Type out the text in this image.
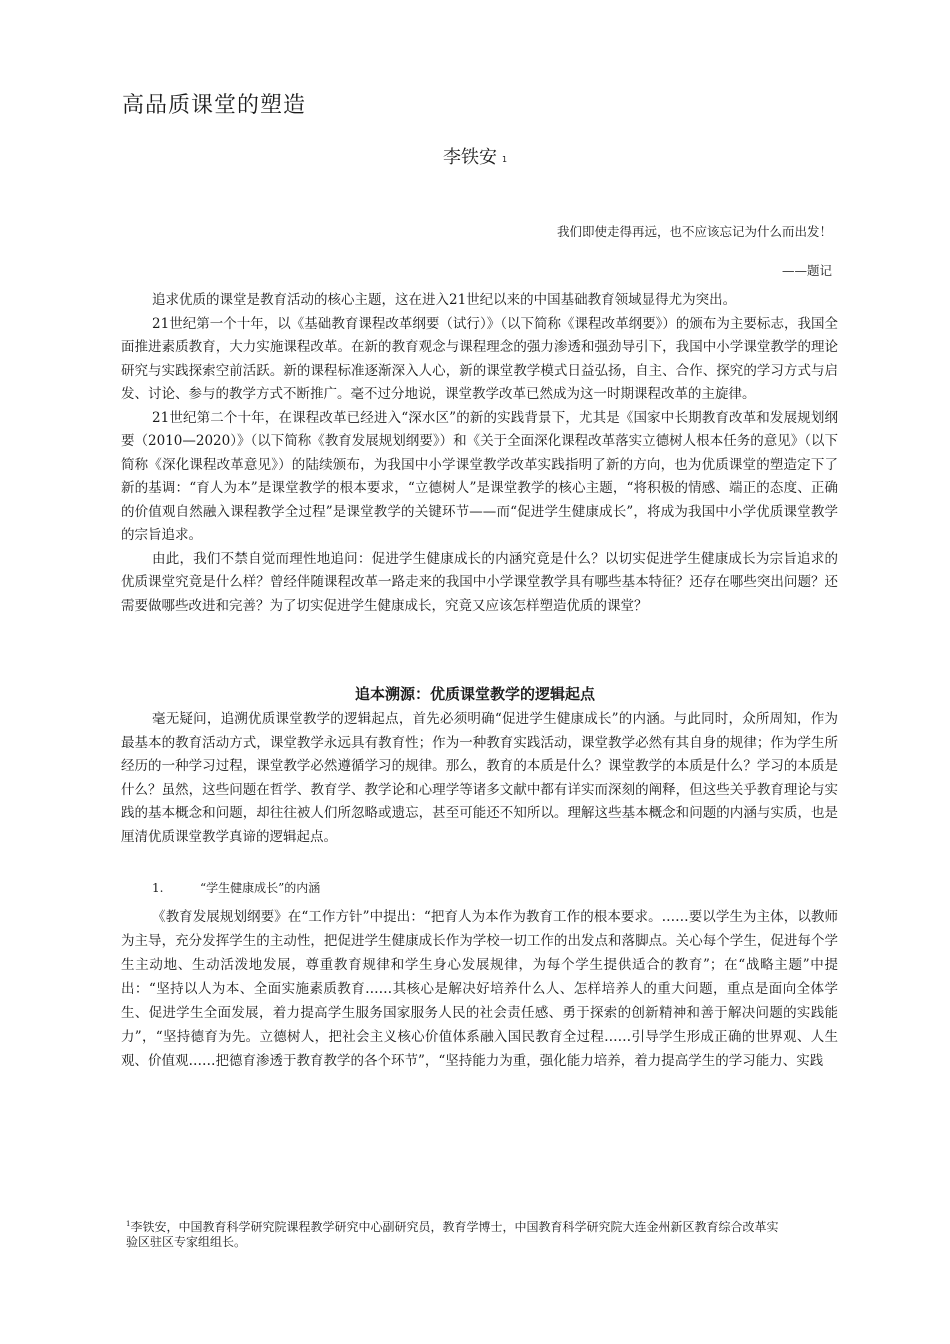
高品质课堂的塑造
李铁安 $^1$
我们即使走得再远，也不应该忘记为什么而出发！
——题记

追求优质的课堂是教育活动的核心主题，这在进入21世纪以来的中国基础教育领域显得尤为突出。

21世纪第一个十年，以《基础教育课程改革纲要（试行）》（以下简称《课程改革纲要》）的颁布为主要标志，我国全面推进素质教育，大力实施课程改革。在新的教育观念与课程理念的强力渗透和强劲导引下，我国中小学课堂教学的理论研究与实践探索空前活跃。新的课程标准逐渐深入人心，新的课堂教学模式日益弘扬，自主、合作、探究的学习方式与启发、讨论、参与的教学方式不断推广。毫不过分地说，课堂教学改革已然成为这一时期课程改革的主旋律。

21世纪第二个十年，在课程改革已经进入“深水区”的新的实践背景下，尤其是《国家中长期教育改革和发展规划纲要（2010—2020）》（以下简称《教育发展规划纲要》）和《关于全面深化课程改革落实立德树人根本任务的意见》（以下简称《深化课程改革意见》）的陆续颁布，为我国中小学课堂教学改革实践指明了新的方向，也为优质课堂的塑造定下了新的基调：“育人为本”是课堂教学的根本要求，“立德树人”是课堂教学的核心主题，“将积极的情感、端正的态度、正确的价值观自然融入课程教学全过程”是课堂教学的关键环节——而“促进学生健康成长”，将成为我国中小学优质课堂教学的宗旨追求。

由此，我们不禁自觉而理性地追问：促进学生健康成长的内涵究竟是什么？以切实促进学生健康成长为宗旨追求的优质课堂究竟是什么样？曾经伴随课程改革一路走来的我国中小学课堂教学具有哪些基本特征？还存在哪些突出问题？还需要做哪些改进和完善？为了切实促进学生健康成长，究竟又应该怎样塑造优质的课堂？

追本溯源：优质课堂教学的逻辑起点

毫无疑问，追溯优质课堂教学的逻辑起点，首先必须明确“促进学生健康成长”的内涵。与此同时，众所周知，作为最基本的教育活动方式，课堂教学永远具有教育性；作为一种教育实践活动，课堂教学必然有其自身的规律；作为学生所经历的一种学习过程，课堂教学必然遵循学习的规律。那么，教育的本质是什么？课堂教学的本质是什么？学习的本质是什么？虽然，这些问题在哲学、教育学、教学论和心理学等诸多文献中都有详实而深刻的阐释，但这些关乎教育理论与实践的基本概念和问题，却往往被人们所忽略或遗忘，甚至可能还不知所以。理解这些基本概念和问题的内涵与实质，也是厘清优质课堂教学真谛的逻辑起点。

1.	“学生健康成长”的内涵

《教育发展规划纲要》在“工作方针”中提出：“把育人为本作为教育工作的根本要求。……要以学生为主体，以教师为主导，充分发挥学生的主动性，把促进学生健康成长作为学校一切工作的出发点和落脚点。关心每个学生，促进每个学生主动地、生动活泼地发展，尊重教育规律和学生身心发展规律，为每个学生提供适合的教育”；在“战略主题”中提出：“坚持以人为本、全面实施素质教育……其核心是解决好培养什么人、怎样培养人的重大问题，重点是面向全体学生、促进学生全面发展，着力提高学生服务国家服务人民的社会责任感、勇于探索的创新精神和善于解决问题的实践能力”，“坚持德育为先。立德树人，把社会主义核心价值体系融入国民教育全过程……引导学生形成正确的世界观、人生观、价值观……把德育渗透于教育教学的各个环节”，“坚持能力为重，强化能力培养，着力提高学生的学习能力、实践

$^1$李铁安，中国教育科学研究院课程教学研究中心副研究员，教育学博士，中国教育科学研究院大连金州新区教育综合改革实验区驻区专家组组长。
